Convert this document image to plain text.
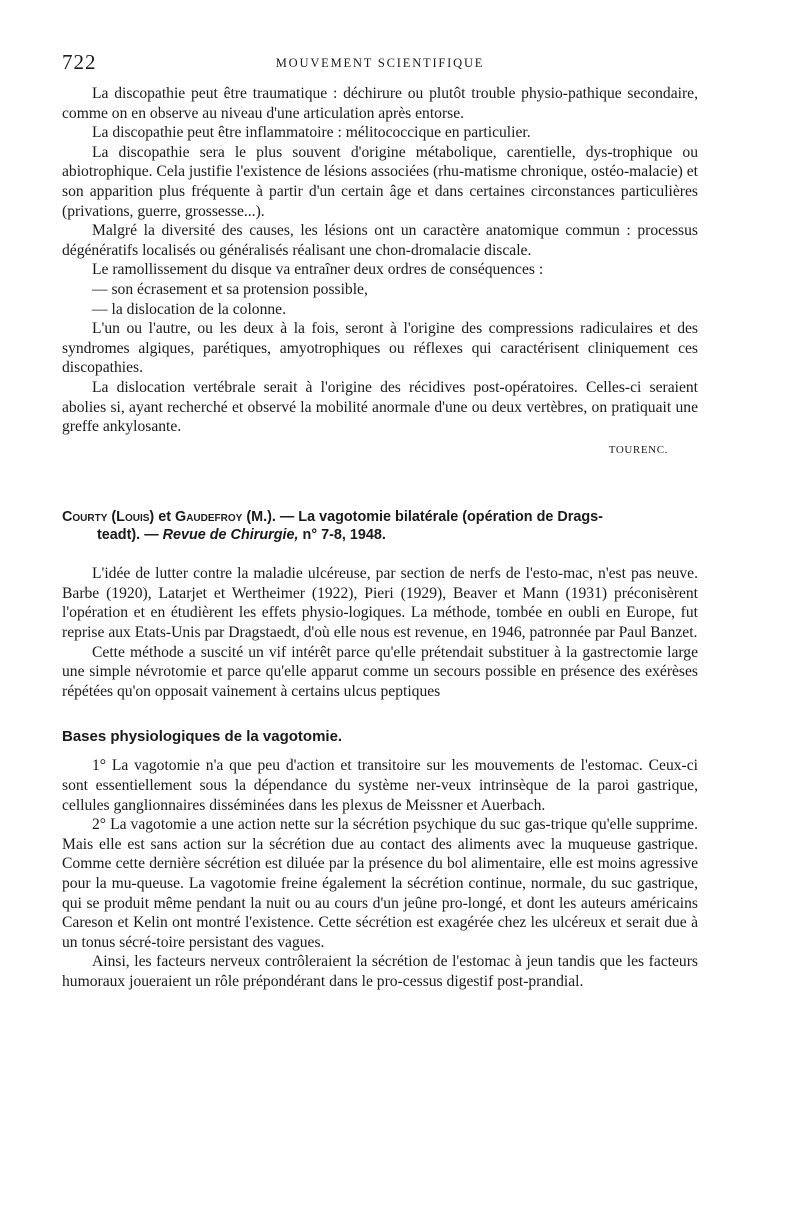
722	MOUVEMENT SCIENTIFIQUE

La discopathie peut être traumatique : déchirure ou plutôt trouble physio-pathique secondaire, comme on en observe au niveau d'une articulation après entorse.

La discopathie peut être inflammatoire : mélitococcique en particulier.

La discopathie sera le plus souvent d'origine métabolique, carentielle, dys-trophique ou abiotrophique. Cela justifie l'existence de lésions associées (rhu-matisme chronique, ostéo-malacie) et son apparition plus fréquente à partir d'un certain âge et dans certaines circonstances particulières (privations, guerre, grossesse...).

Malgré la diversité des causes, les lésions ont un caractère anatomique commun : processus dégénératifs localisés ou généralisés réalisant une chon-dromalacie discale.

Le ramollissement du disque va entraîner deux ordres de conséquences :

— son écrasement et sa protension possible,

— la dislocation de la colonne.

L'un ou l'autre, ou les deux à la fois, seront à l'origine des compressions radiculaires et des syndromes algiques, parétiques, amyotrophiques ou réflexes qui caractérisent cliniquement ces discopathies.

La dislocation vertébrale serait à l'origine des récidives post-opératoires. Celles-ci seraient abolies si, ayant recherché et observé la mobilité anormale d'une ou deux vertèbres, on pratiquait une greffe ankylosante.

TOURENC.

Courty (Louis) et Gaudefroy (M.). — La vagotomie bilatérale (opération de Drags-
teadt). — Revue de Chirurgie, n° 7-8, 1948.

L'idée de lutter contre la maladie ulcéreuse, par section de nerfs de l'esto-mac, n'est pas neuve. Barbe (1920), Latarjet et Wertheimer (1922), Pieri (1929), Beaver et Mann (1931) préconisèrent l'opération et en étudièrent les effets physio-logiques. La méthode, tombée en oubli en Europe, fut reprise aux Etats-Unis par Dragstaedt, d'où elle nous est revenue, en 1946, patronnée par Paul Banzet.

Cette méthode a suscité un vif intérêt parce qu'elle prétendait substituer à la gastrectomie large une simple névrotomie et parce qu'elle apparut comme un secours possible en présence des exérèses répétées qu'on opposait vainement à certains ulcus peptiques

Bases physiologiques de la vagotomie.

1° La vagotomie n'a que peu d'action et transitoire sur les mouvements de l'estomac. Ceux-ci sont essentiellement sous la dépendance du système ner-veux intrinsèque de la paroi gastrique, cellules ganglionnaires disséminées dans les plexus de Meissner et Auerbach.

2° La vagotomie a une action nette sur la sécrétion psychique du suc gas-trique qu'elle supprime. Mais elle est sans action sur la sécrétion due au contact des aliments avec la muqueuse gastrique. Comme cette dernière sécrétion est diluée par la présence du bol alimentaire, elle est moins agressive pour la mu-queuse. La vagotomie freine également la sécrétion continue, normale, du suc gastrique, qui se produit même pendant la nuit ou au cours d'un jeûne pro-longé, et dont les auteurs américains Careson et Kelin ont montré l'existence. Cette sécrétion est exagérée chez les ulcéreux et serait due à un tonus sécré-toire persistant des vagues.

Ainsi, les facteurs nerveux contrôleraient la sécrétion de l'estomac à jeun tandis que les facteurs humoraux joueraient un rôle prépondérant dans le pro-cessus digestif post-prandial.
